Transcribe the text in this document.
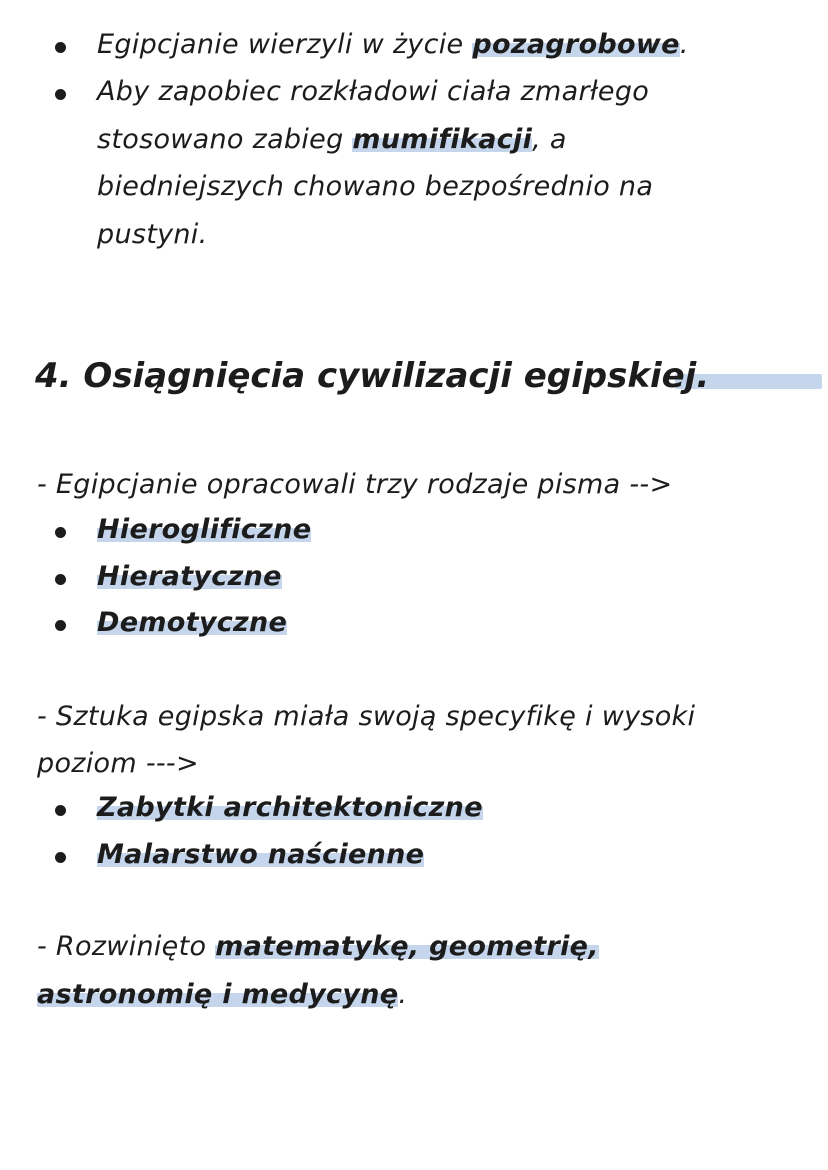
Egipcjanie wierzyli w życie pozagrobowe.
Aby zapobiec rozkładowi ciała zmarłego
stosowano zabieg mumifikacji, a
biedniejszych chowano bezpośrednio na
pustyni.
4. Osiągnięcia cywilizacji egipskiej.
- Egipcjanie opracowali trzy rodzaje pisma -->
Hieroglificzne
Hieratyczne
Demotyczne
- Sztuka egipska miała swoją specyfikę i wysoki
poziom --->
Zabytki architektoniczne
Malarstwo naścienne
- Rozwinięto matematykę, geometrię,
astronomię i medycynę.
